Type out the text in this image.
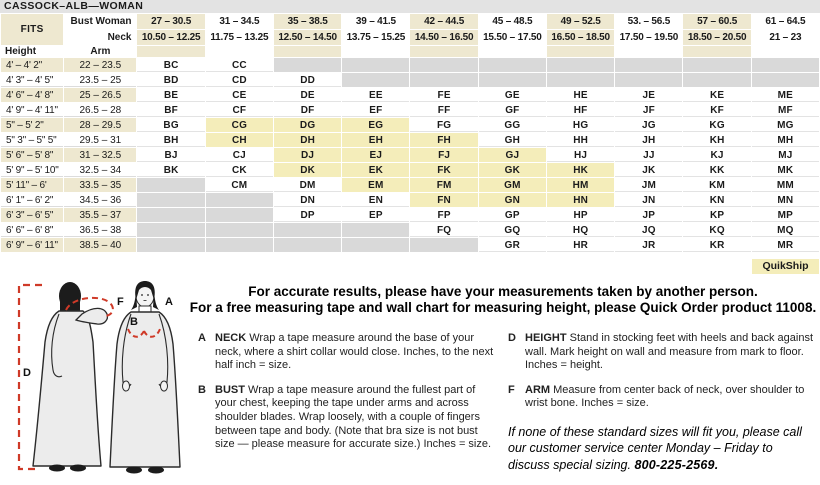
CASSOCK–ALB—WOMAN
FITS	Bust Woman	27 – 30.5	31 – 34.5	35 – 38.5	39 – 41.5	42 – 44.5	45 – 48.5	49 – 52.5	53. – 56.5	57 – 60.5	61 – 64.5
	Neck	10.50 – 12.25	11.75 – 13.25	12.50 – 14.50	13.75 – 15.25	14.50 – 16.50	15.50 – 17.50	16.50 – 18.50	17.50 – 19.50	18.50 – 20.50	21 – 23
Height	Arm										
4' – 4' 2"	22 – 23.5	BC	CC								
4' 3" – 4' 5"	23.5 – 25	BD	CD	DD							
4' 6" – 4' 8"	25 – 26.5	BE	CE	DE	EE	FE	GE	HE	JE	KE	ME
4' 9" – 4' 11"	26.5 – 28	BF	CF	DF	EF	FF	GF	HF	JF	KF	MF
5" – 5' 2"	28 – 29.5	BG	CG	DG	EG	FG	GG	HG	JG	KG	MG
5" 3" – 5" 5"	29.5 – 31	BH	CH	DH	EH	FH	GH	HH	JH	KH	MH
5' 6" – 5' 8"	31 – 32.5	BJ	CJ	DJ	EJ	FJ	GJ	HJ	JJ	KJ	MJ
5' 9" – 5' 10"	32.5 – 34	BK	CK	DK	EK	FK	GK	HK	JK	KK	MK
5' 11" – 6'	33.5 – 35		CM	DM	EM	FM	GM	HM	JM	KM	MM
6' 1" – 6' 2"	34.5 – 36			DN	EN	FN	GN	HN	JN	KN	MN
6' 3" – 6' 5"	35.5 – 37			DP	EP	FP	GP	HP	JP	KP	MP
6' 6" – 6' 8"	36.5 – 38					FQ	GQ	HQ	JQ	KQ	MQ
6' 9" – 6' 11"	38.5 – 40						GR	HR	JR	KR	MR
QuikShip
D
F	A
B
For accurate results, please have your measurements taken by another person.
For a free measuring tape and wall chart for measuring height, please Quick Order product 11008.
A NECK Wrap a tape measure around the base of your neck, where a shirt collar would close. Inches, to the next half inch = size.
B BUST Wrap a tape measure around the fullest part of your chest, keeping the tape under arms and across shoulder blades. Wrap loosely, with a couple of fingers between tape and body. (Note that bra size is not bust size — please measure for accurate size.) Inches = size.
D HEIGHT Stand in stocking feet with heels and back against wall. Mark height on wall and measure from mark to floor. Inches = height.
F ARM Measure from center back of neck, over shoulder to wrist bone. Inches = size.
If none of these standard sizes will fit you, please call our customer service center Monday – Friday to discuss special sizing. 800-225-2569.
